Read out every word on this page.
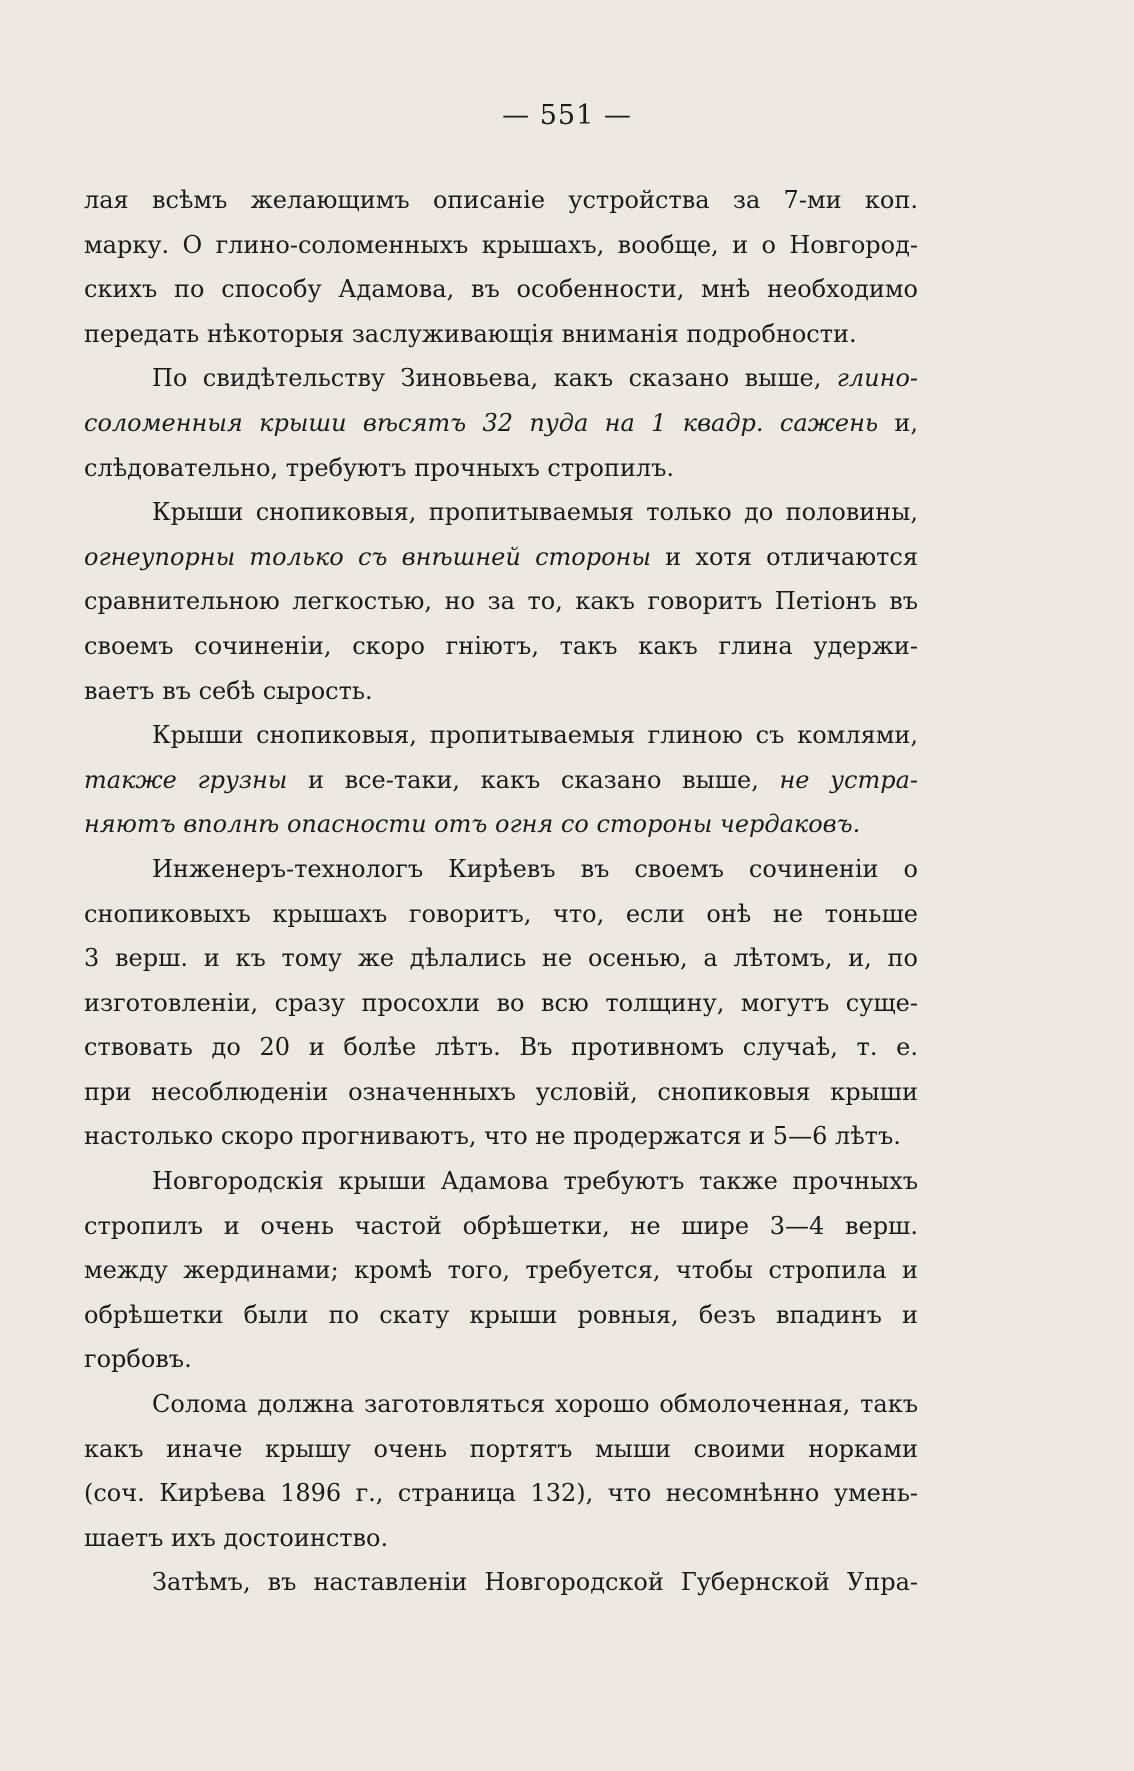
— 551 —
лая всѣмъ желающимъ описаніе устройства за 7-ми коп.
марку. О глино-соломенныхъ крышахъ, вообще, и о Новгород-
скихъ по способу Адамова, въ особенности, мнѣ необходимо
передать нѣкоторыя заслуживающія вниманія подробности.
По свидѣтельству Зиновьева, какъ сказано выше, глино-
соломенныя крыши вѣсятъ 32 пуда на 1 квадр. сажень и,
слѣдовательно, требуютъ прочныхъ стропилъ.
Крыши снопиковыя, пропитываемыя только до половины,
огнеупорны только съ внѣшней стороны и хотя отличаются
сравнительною легкостью, но за то, какъ говоритъ Петіонъ въ
своемъ сочиненіи, скоро гніютъ, такъ какъ глина удержи-
ваетъ въ себѣ сырость.
Крыши снопиковыя, пропитываемыя глиною съ комлями,
также грузны и все-таки, какъ сказано выше, не устра-
няютъ вполнѣ опасности отъ огня со стороны чердаковъ.
Инженеръ-технологъ Кирѣевъ въ своемъ сочиненіи о
снопиковыхъ крышахъ говоритъ, что, если онѣ не тоньше
3 верш. и къ тому же дѣлались не осенью, а лѣтомъ, и, по
изготовленіи, сразу просохли во всю толщину, могутъ суще-
ствовать до 20 и болѣе лѣтъ. Въ противномъ случаѣ, т. е.
при несоблюденіи означенныхъ условій, снопиковыя крыши
настолько скоро прогниваютъ, что не продержатся и 5—6 лѣтъ.
Новгородскія крыши Адамова требуютъ также прочныхъ
стропилъ и очень частой обрѣшетки, не шире 3—4 верш.
между жердинами; кромѣ того, требуется, чтобы стропила и
обрѣшетки были по скату крыши ровныя, безъ впадинъ и
горбовъ.
Солома должна заготовляться хорошо обмолоченная, такъ
какъ иначе крышу очень портятъ мыши своими норками
(соч. Кирѣева 1896 г., страница 132), что несомнѣнно умень-
шаетъ ихъ достоинство.
Затѣмъ, въ наставленіи Новгородской Губернской Упра-
